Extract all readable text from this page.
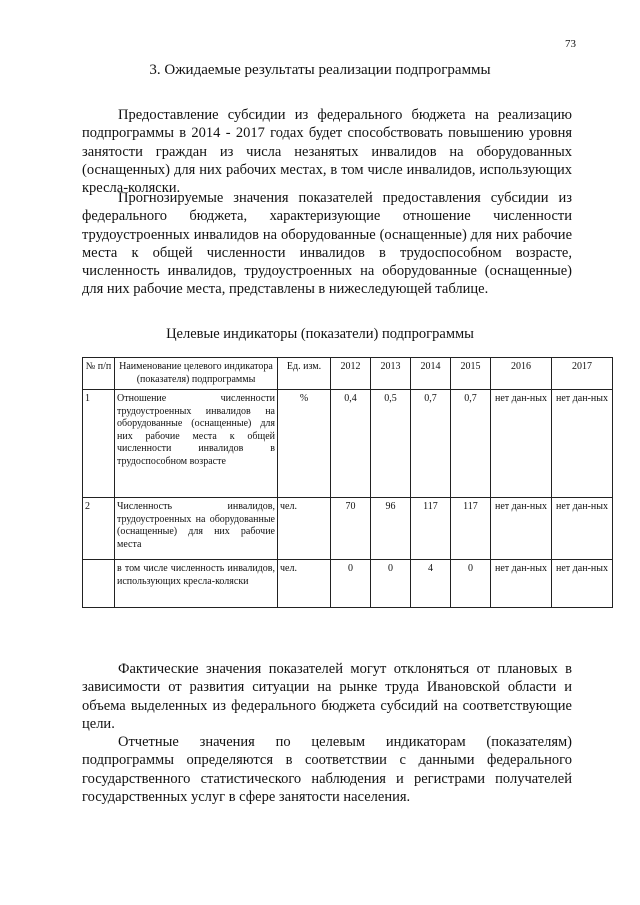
73
3. Ожидаемые результаты реализации подпрограммы

Предоставление субсидии из федерального бюджета на реализацию подпрограммы в 2014 - 2017 годах будет способствовать повышению уровня занятости граждан из числа незанятых инвалидов на оборудованных (оснащенных) для них рабочих местах, в том числе инвалидов, использующих кресла-коляски.

Прогнозируемые значения показателей предоставления субсидии из федерального бюджета, характеризующие отношение численности трудоустроенных инвалидов на оборудованные (оснащенные) для них рабочие места к общей численности инвалидов в трудоспособном возрасте, численность инвалидов, трудоустроенных на оборудованные (оснащенные) для них рабочие места, представлены в нижеследующей таблице.

Целевые индикаторы (показатели) подпрограммы
№ п/п	Наименование целевого индикатора (показателя) подпрограммы	Ед. изм.	2012	2013	2014	2015	2016	2017
1	Отношение численности трудоустроенных инвалидов на оборудованные (оснащенные) для них рабочие места к общей численности инвалидов в трудоспособном возрасте	%	0,4	0,5	0,7	0,7	нет дан-ных	нет дан-ных
2	Численность инвалидов, трудоустроенных на оборудованные (оснащенные) для них рабочие места	чел.	70	96	117	117	нет дан-ных	нет дан-ных
	в том числе численность инвалидов, использующих кресла-коляски	чел.	0	0	4	0	нет дан-ных	нет дан-ных

Фактические значения показателей могут отклоняться от плановых в зависимости от развития ситуации на рынке труда Ивановской области и объема выделенных из федерального бюджета субсидий на соответствующие цели.

Отчетные значения по целевым индикаторам (показателям) подпрограммы определяются в соответствии с данными федерального государственного статистического наблюдения и регистрами получателей государственных услуг в сфере занятости населения.
